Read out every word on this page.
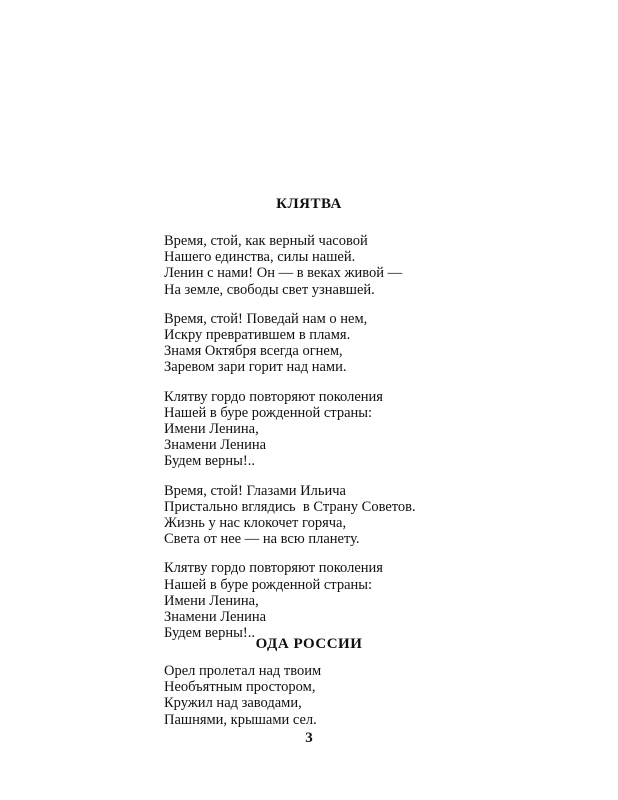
КЛЯТВА
Время, стой, как верный часовой
Нашего единства, силы нашей.
Ленин с нами! Он — в веках живой —
На земле, свободы свет узнавшей.
Время, стой! Поведай нам о нем,
Искру превратившем в пламя.
Знамя Октября всегда огнем,
Заревом зари горит над нами.
Клятву гордо повторяют поколения
Нашей в буре рожденной страны:
Имени Ленина,
Знамени Ленина
Будем верны!..
Время, стой! Глазами Ильича
Пристально вглядись  в Страну Советов.
Жизнь у нас клокочет горяча,
Света от нее — на всю планету.
Клятву гордо повторяют поколения
Нашей в буре рожденной страны:
Имени Ленина,
Знамени Ленина
Будем верны!..
ОДА РОССИИ
Орел пролетал над твоим
Необъятным простором,
Кружил над заводами,
Пашнями, крышами сел.
3
